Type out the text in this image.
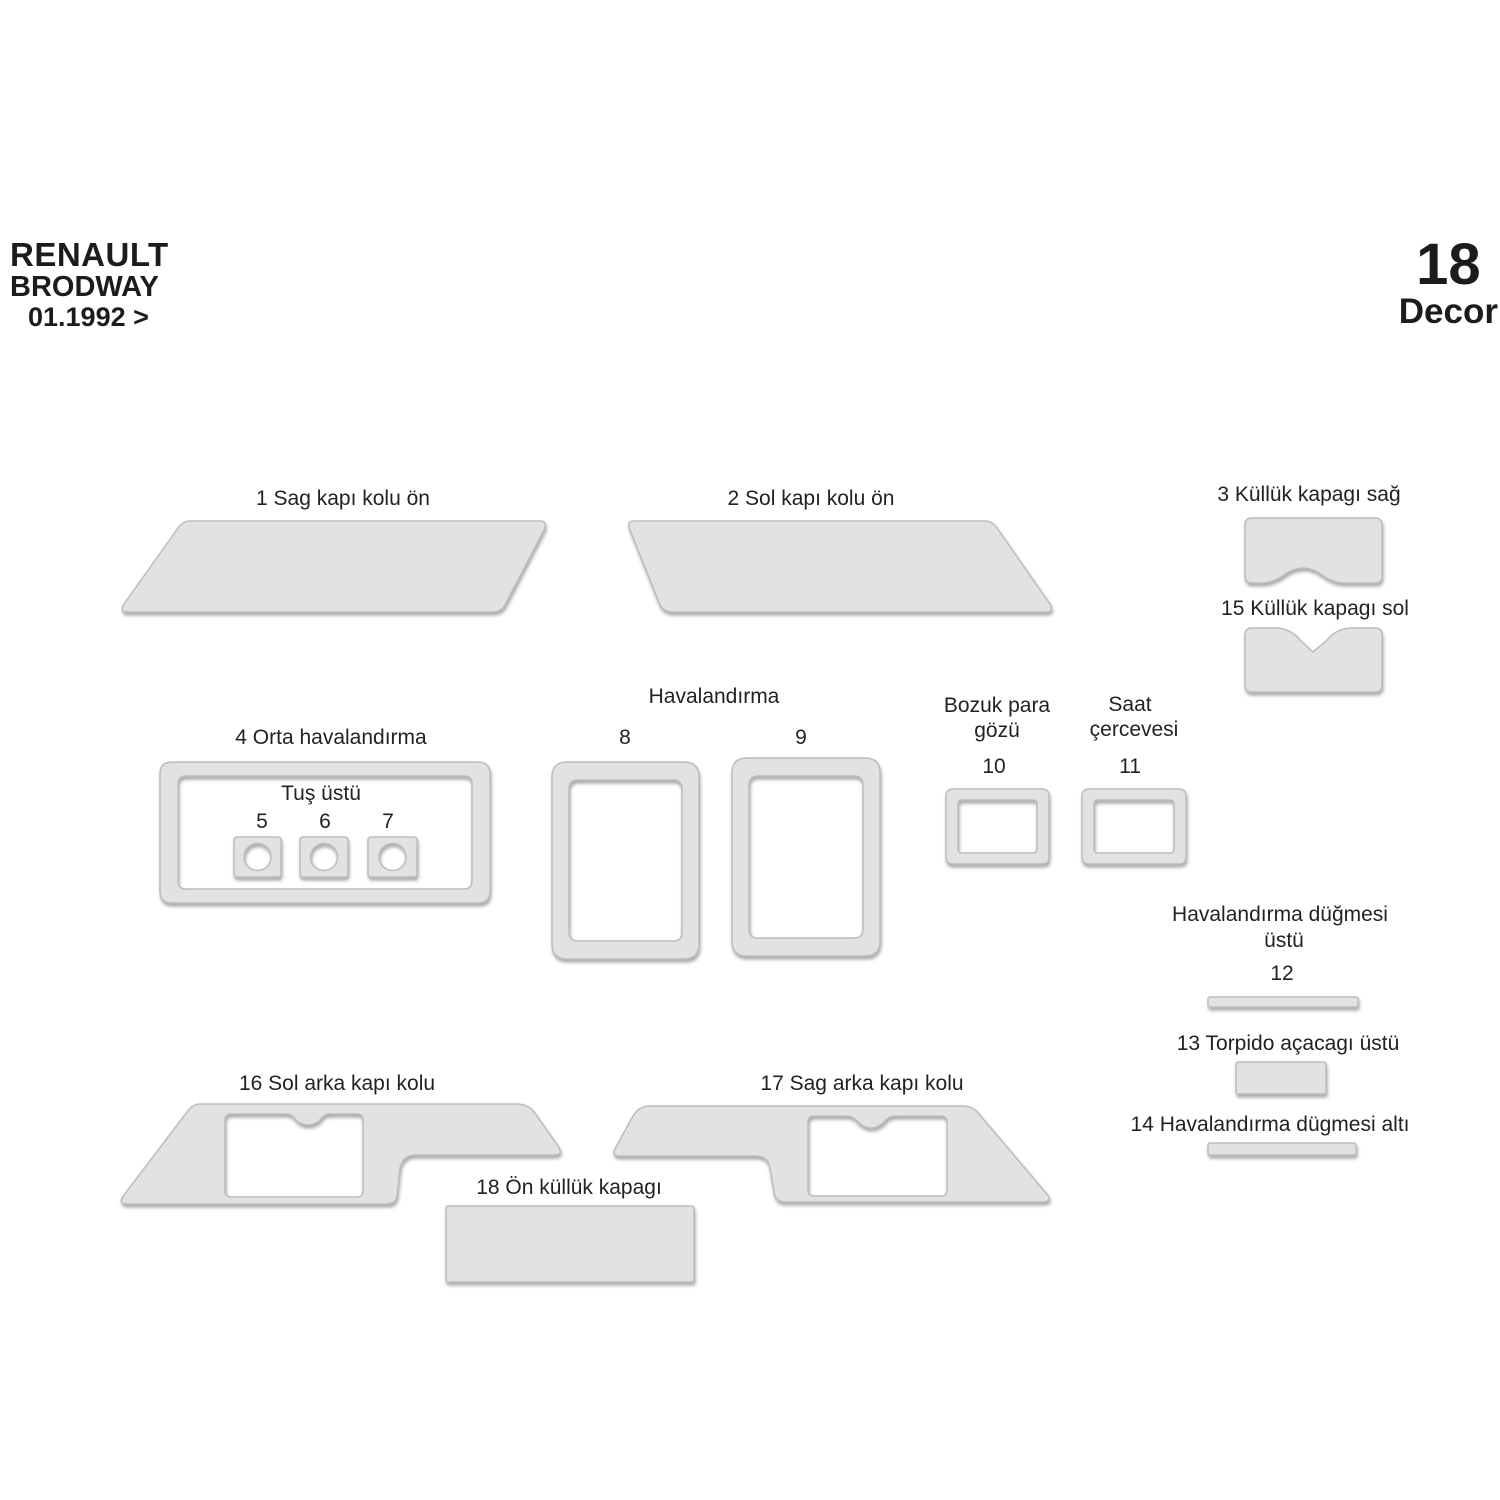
RENAULT
BRODWAY
01.1992 >
18
Decor
1 Sag kapı kolu ön	2 Sol kapı kolu ön	3 Küllük kapagı sağ
15 Küllük kapagı sol
Havalandırma
4 Orta havalandırma
Tuş üstü
5 6 7
8	9
Bozuk para
gözü
Saat
çercevesi
10	11
Havalandırma düğmesi
üstü
12
13 Torpido açacagı üstü
14 Havalandırma dügmesi altı
16 Sol arka kapı kolu	17 Sag arka kapı kolu
18 Ön küllük kapagı
